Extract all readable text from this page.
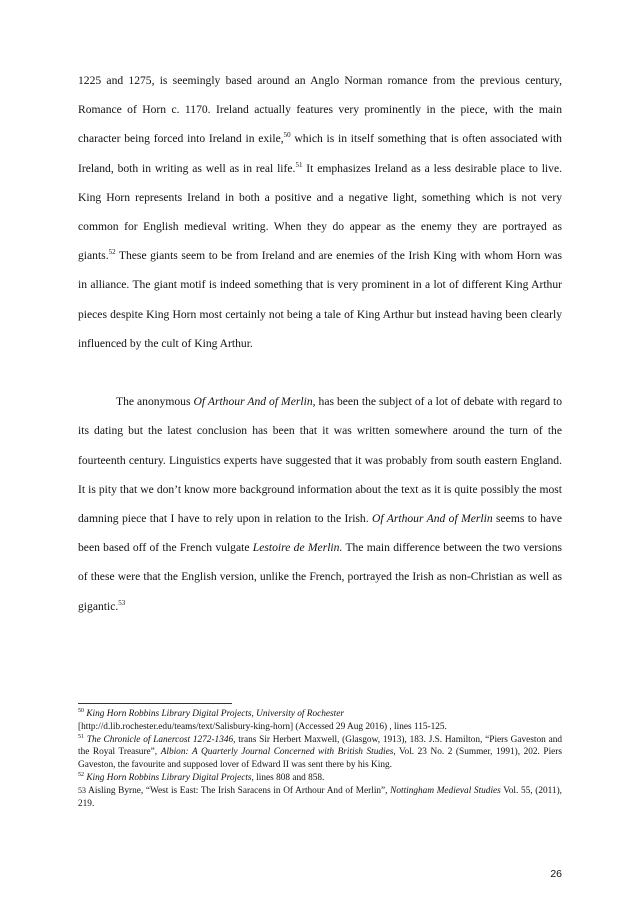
1225 and 1275, is seemingly based around an Anglo Norman romance from the previous century, Romance of Horn c. 1170. Ireland actually features very prominently in the piece, with the main character being forced into Ireland in exile,$^{50}$ which is in itself something that is often associated with Ireland, both in writing as well as in real life.$^{51}$ It emphasizes Ireland as a less desirable place to live. King Horn represents Ireland in both a positive and a negative light, something which is not very common for English medieval writing. When they do appear as the enemy they are portrayed as giants.$^{52}$ These giants seem to be from Ireland and are enemies of the Irish King with whom Horn was in alliance. The giant motif is indeed something that is very prominent in a lot of different King Arthur pieces despite King Horn most certainly not being a tale of King Arthur but instead having been clearly influenced by the cult of King Arthur.

The anonymous Of Arthour And of Merlin, has been the subject of a lot of debate with regard to its dating but the latest conclusion has been that it was written somewhere around the turn of the fourteenth century. Linguistics experts have suggested that it was probably from south eastern England. It is pity that we don’t know more background information about the text as it is quite possibly the most damning piece that I have to rely upon in relation to the Irish. Of Arthour And of Merlin seems to have been based off of the French vulgate Lestoire de Merlin. The main difference between the two versions of these were that the English version, unlike the French, portrayed the Irish as non-Christian as well as gigantic.$^{53}$

$^{50}$ King Horn Robbins Library Digital Projects, University of Rochester
[http://d.lib.rochester.edu/teams/text/Salisbury-king-horn] (Accessed 29 Aug 2016) , lines 115-125.

$^{51}$ The Chronicle of Lanercost 1272-1346, trans Sir Herbert Maxwell, (Glasgow, 1913), 183. J.S. Hamilton, “Piers Gaveston and the Royal Treasure”, Albion: A Quarterly Journal Concerned with British Studies, Vol. 23 No. 2 (Summer, 1991), 202. Piers Gaveston, the favourite and supposed lover of Edward II was sent there by his King.

$^{52}$ King Horn Robbins Library Digital Projects, lines 808 and 858.

53 Aisling Byrne, “West is East: The Irish Saracens in Of Arthour And of Merlin”, Nottingham Medieval Studies Vol. 55, (2011), 219.

26
